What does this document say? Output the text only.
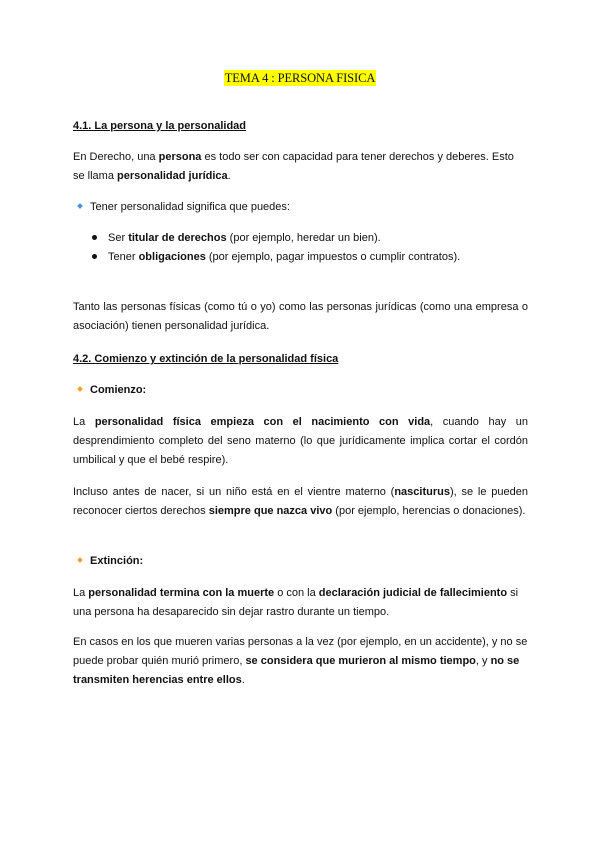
TEMA 4 : PERSONA FISICA
4.1. La persona y la personalidad
En Derecho, una persona es todo ser con capacidad para tener derechos y deberes. Esto se llama personalidad jurídica.
Tener personalidad significa que puedes:
Ser titular de derechos (por ejemplo, heredar un bien).
Tener obligaciones (por ejemplo, pagar impuestos o cumplir contratos).
Tanto las personas físicas (como tú o yo) como las personas jurídicas (como una empresa o asociación) tienen personalidad jurídica.
4.2. Comienzo y extinción de la personalidad física
Comienzo:
La personalidad física empieza con el nacimiento con vida, cuando hay un desprendimiento completo del seno materno (lo que jurídicamente implica cortar el cordón umbilical y que el bebé respire).
Incluso antes de nacer, si un niño está en el vientre materno (nasciturus), se le pueden reconocer ciertos derechos siempre que nazca vivo (por ejemplo, herencias o donaciones).
Extinción:
La personalidad termina con la muerte o con la declaración judicial de fallecimiento si una persona ha desaparecido sin dejar rastro durante un tiempo.
En casos en los que mueren varias personas a la vez (por ejemplo, en un accidente), y no se puede probar quién murió primero, se considera que murieron al mismo tiempo, y no se transmiten herencias entre ellos.
